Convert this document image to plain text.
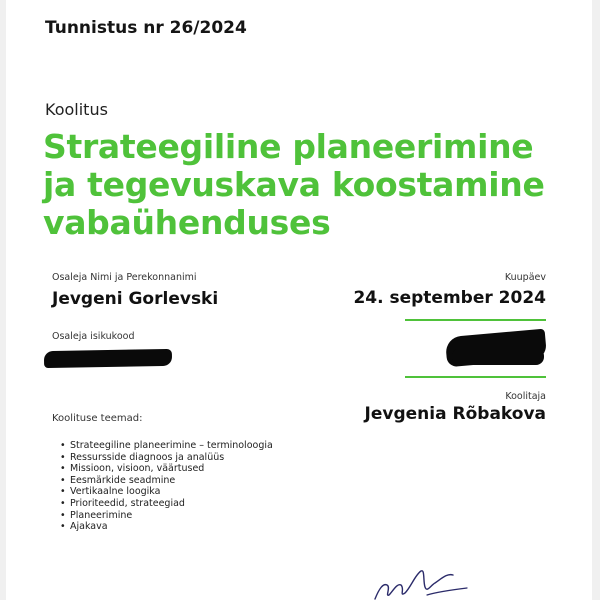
Tunnistus nr 26/2024
Koolitus
Strateegiline planeerimine
ja tegevuskava koostamine
vabaühenduses
Osaleja Nimi ja Perekonnanimi
Jevgeni Gorlevski
Osaleja isikukood
Kuupäev
24. september 2024
Koolitaja
Jevgenia Rõbakova
Koolituse teemad:
• Strateegiline planeerimine – terminoloogia
• Ressursside diagnoos ja analüüs
• Missioon, visioon, väärtused
• Eesmärkide seadmine
• Vertikaalne loogika
• Prioriteedid, strateegiad
• Planeerimine
• Ajakava
